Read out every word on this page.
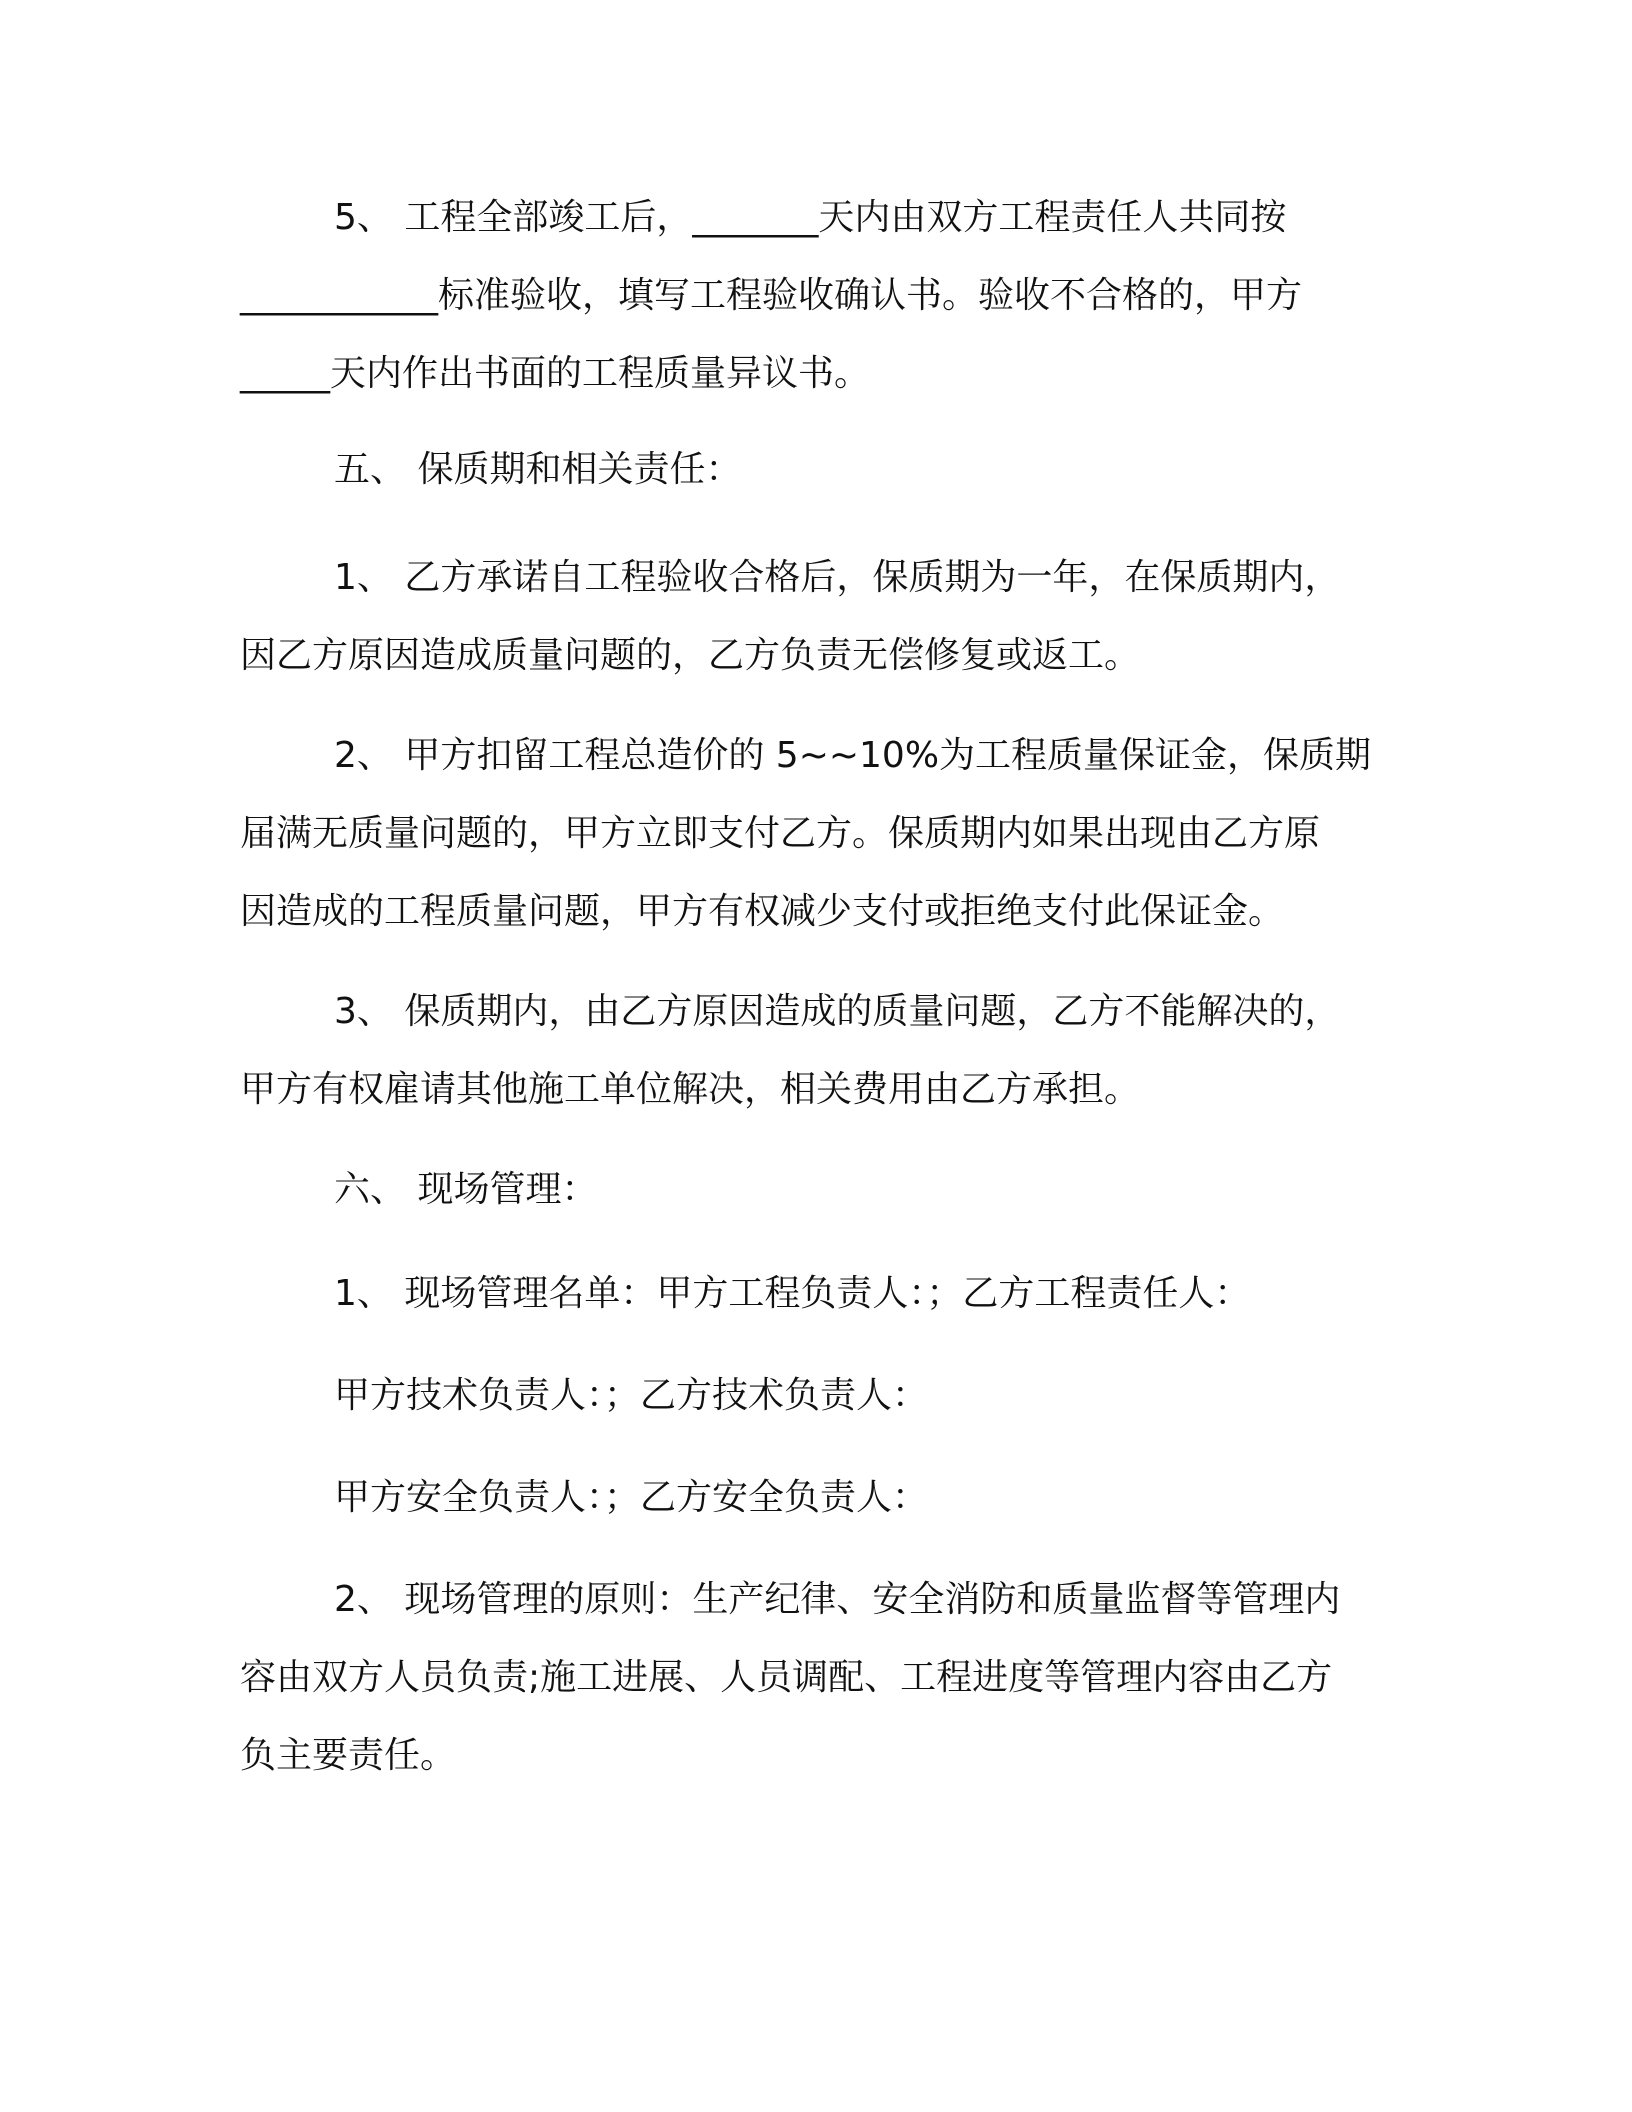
5、 工程全部竣工后，_______天内由双方工程责任人共同按

___________标准验收，填写工程验收确认书。验收不合格的，甲方

_____天内作出书面的工程质量异议书。

五、 保质期和相关责任：

1、 乙方承诺自工程验收合格后，保质期为一年，在保质期内，

因乙方原因造成质量问题的，乙方负责无偿修复或返工。

2、 甲方扣留工程总造价的 5~~10%为工程质量保证金，保质期

届满无质量问题的，甲方立即支付乙方。保质期内如果出现由乙方原

因造成的工程质量问题，甲方有权减少支付或拒绝支付此保证金。

3、 保质期内，由乙方原因造成的质量问题，乙方不能解决的，

甲方有权雇请其他施工单位解决，相关费用由乙方承担。

六、 现场管理：

1、 现场管理名单：甲方工程负责人：；乙方工程责任人：

甲方技术负责人：；乙方技术负责人：

甲方安全负责人：；乙方安全负责人：

2、 现场管理的原则：生产纪律、安全消防和质量监督等管理内

容由双方人员负责;施工进展、人员调配、工程进度等管理内容由乙方

负主要责任。
